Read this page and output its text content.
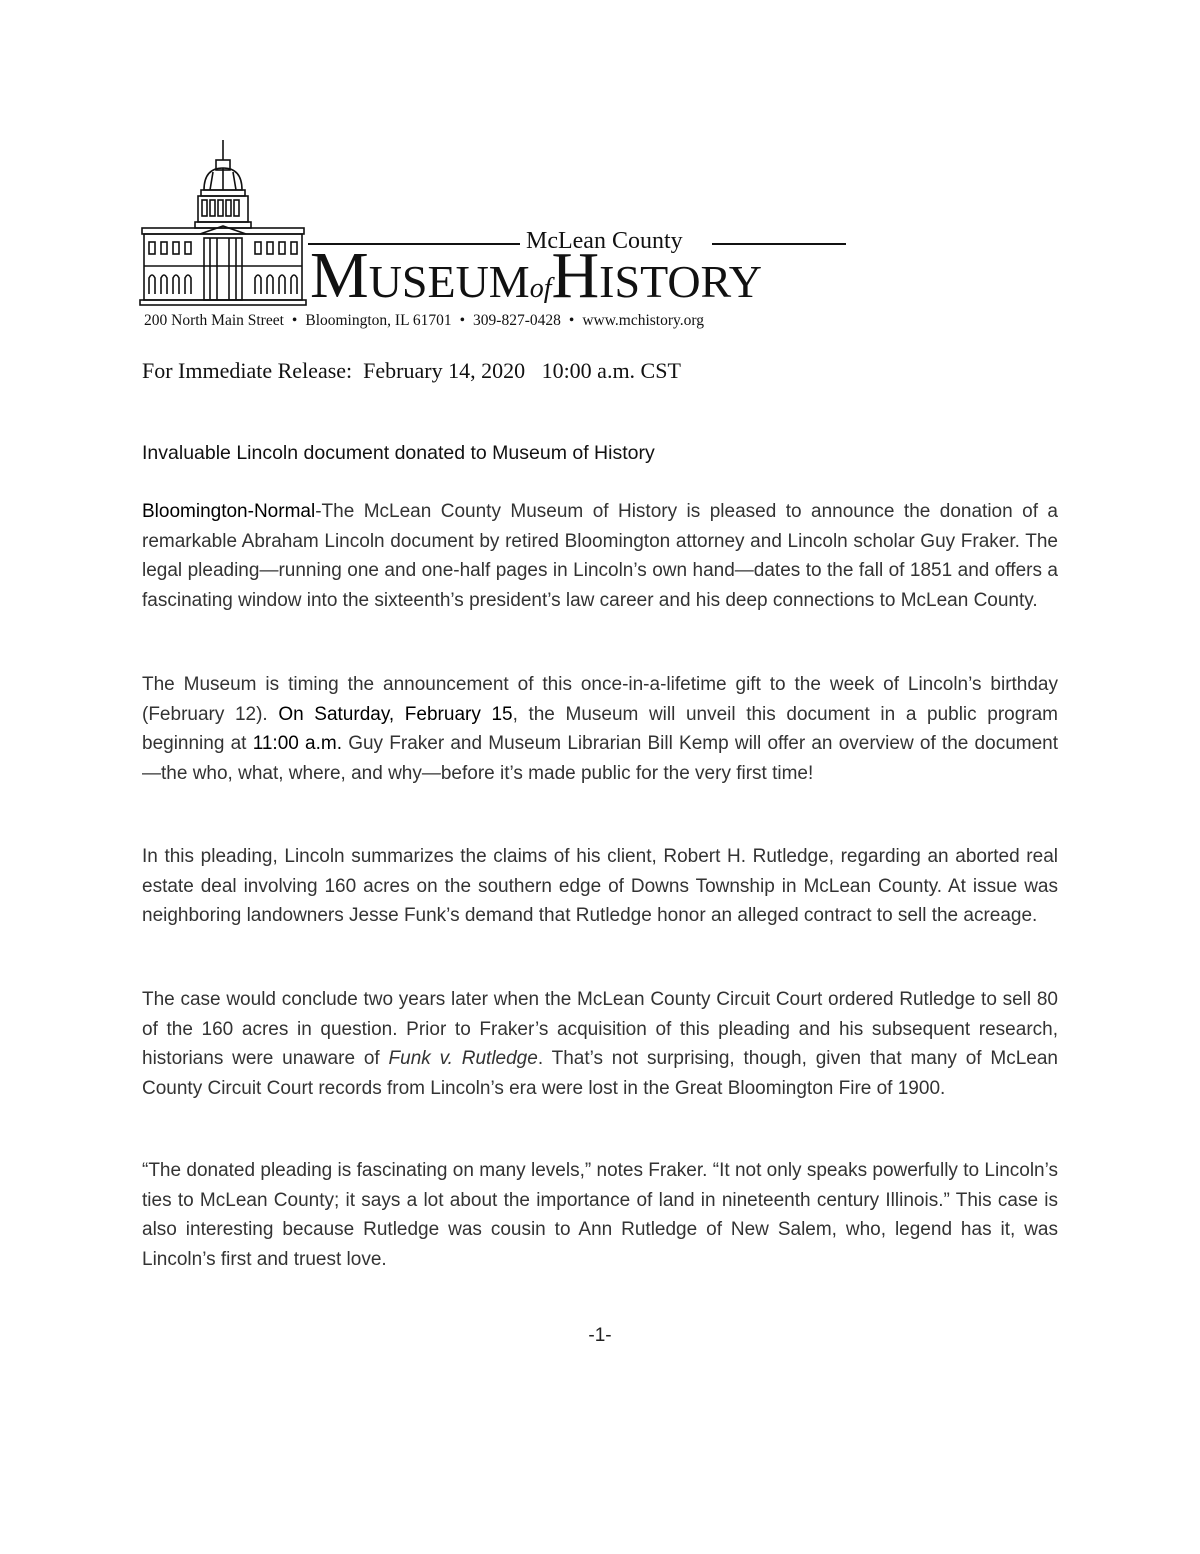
McLean County
MUSEUMofHISTORY
200 North Main Street • Bloomington, IL 61701 • 309-827-0428 • www.mchistory.org
For Immediate Release:  February 14, 2020   10:00 a.m. CST
Invaluable Lincoln document donated to Museum of History

Bloomington-Normal-The McLean County Museum of History is pleased to announce the donation of a remarkable Abraham Lincoln document by retired Bloomington attorney and Lincoln scholar Guy Fraker. The legal pleading—running one and one-half pages in Lincoln’s own hand—dates to the fall of 1851 and offers a fascinating window into the sixteenth’s president’s law career and his deep connections to McLean County.

The Museum is timing the announcement of this once-in-a-lifetime gift to the week of Lincoln’s birthday (February 12). On Saturday, February 15, the Museum will unveil this document in a public program beginning at 11:00 a.m. Guy Fraker and Museum Librarian Bill Kemp will offer an overview of the document—the who, what, where, and why—before it’s made public for the very first time!

In this pleading, Lincoln summarizes the claims of his client, Robert H. Rutledge, regarding an aborted real estate deal involving 160 acres on the southern edge of Downs Township in McLean County. At issue was neighboring landowners Jesse Funk’s demand that Rutledge honor an alleged contract to sell the acreage.

The case would conclude two years later when the McLean County Circuit Court ordered Rutledge to sell 80 of the 160 acres in question. Prior to Fraker’s acquisition of this pleading and his subsequent research, historians were unaware of Funk v. Rutledge. That’s not surprising, though, given that many of McLean County Circuit Court records from Lincoln’s era were lost in the Great Bloomington Fire of 1900.

“The donated pleading is fascinating on many levels,” notes Fraker. “It not only speaks powerfully to Lincoln’s ties to McLean County; it says a lot about the importance of land in nineteenth century Illinois.” This case is also interesting because Rutledge was cousin to Ann Rutledge of New Salem, who, legend has it, was Lincoln’s first and truest love.

-1-
